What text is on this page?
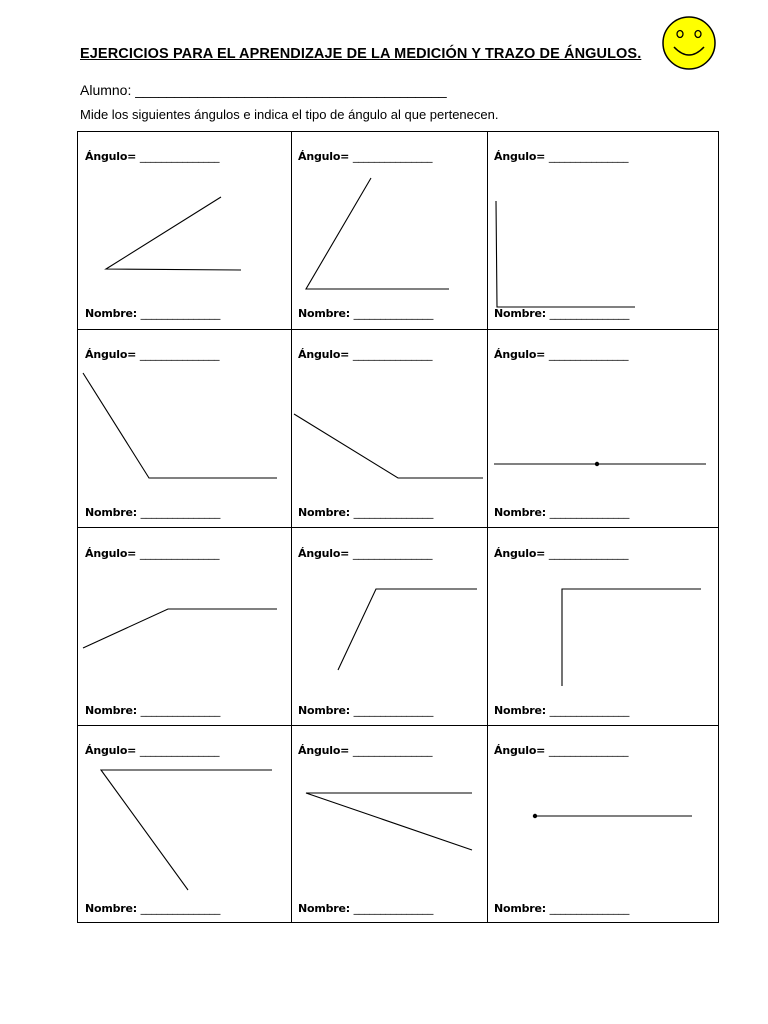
EJERCICIOS PARA EL APRENDIZAJE DE LA MEDICIÓN Y TRAZO DE ÁNGULOS.
Alumno: ________________________________________
Mide los siguientes ángulos e indica el tipo de ángulo al que pertenecen.
Ángulo= _______________
Nombre: _______________
Ángulo= _______________
Nombre: _______________
Ángulo= _______________
Nombre: _______________
Ángulo= _______________
Nombre: _______________
Ángulo= _______________
Nombre: _______________
Ángulo= _______________
Nombre: _______________
Ángulo= _______________
Nombre: _______________
Ángulo= _______________
Nombre: _______________
Ángulo= _______________
Nombre: _______________
Ángulo= _______________
Nombre: _______________
Ángulo= _______________
Nombre: _______________
Ángulo= _______________
Nombre: _______________
